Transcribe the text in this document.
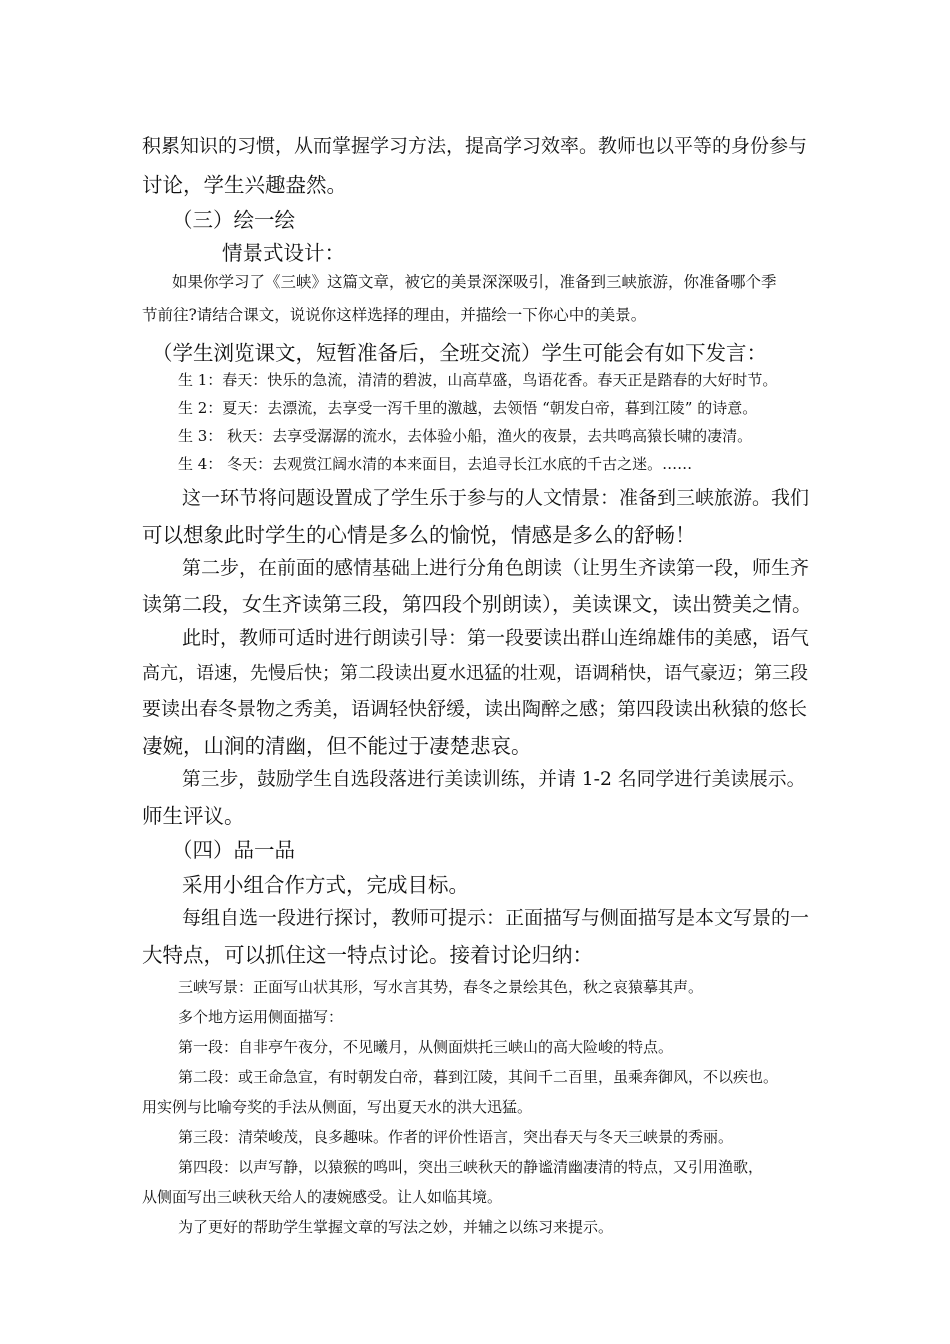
积累知识的习惯，从而掌握学习方法，提高学习效率。教师也以平等的身份参与
讨论，学生兴趣盎然。
（三）绘一绘
情景式设计：
如果你学习了《三峡》这篇文章，被它的美景深深吸引，准备到三峡旅游，你准备哪个季
节前往?请结合课文，说说你这样选择的理由，并描绘一下你心中的美景。
（学生浏览课文，短暂准备后，全班交流）学生可能会有如下发言：
生 1：春天：快乐的急流，清清的碧波，山高草盛，鸟语花香。春天正是踏春的大好时节。
生 2：夏天：去漂流，去享受一泻千里的激越，去领悟 “朝发白帝，暮到江陵” 的诗意。
生 3： 秋天：去享受潺潺的流水，去体验小船，渔火的夜景，去共鸣高猿长啸的凄清。
生 4： 冬天：去观赏江阔水清的本来面目，去追寻长江水底的千古之迷。……
这一环节将问题设置成了学生乐于参与的人文情景：准备到三峡旅游。我们
可以想象此时学生的心情是多么的愉悦，情感是多么的舒畅！
第二步，在前面的感情基础上进行分角色朗读（让男生齐读第一段，师生齐
读第二段，女生齐读第三段，第四段个别朗读），美读课文，读出赞美之情。
此时，教师可适时进行朗读引导：第一段要读出群山连绵雄伟的美感，语气
高亢，语速，先慢后快；第二段读出夏水迅猛的壮观，语调稍快，语气豪迈；第三段
要读出春冬景物之秀美，语调轻快舒缓，读出陶醉之感；第四段读出秋猿的悠长
凄婉，山涧的清幽，但不能过于凄楚悲哀。
第三步，鼓励学生自选段落进行美读训练，并请 1-2 名同学进行美读展示。
师生评议。
（四）品一品
采用小组合作方式，完成目标。
每组自选一段进行探讨，教师可提示：正面描写与侧面描写是本文写景的一
大特点，可以抓住这一特点讨论。接着讨论归纳：
三峡写景：正面写山状其形，写水言其势，春冬之景绘其色，秋之哀猿摹其声。
多个地方运用侧面描写：
第一段：自非亭午夜分，不见曦月，从侧面烘托三峡山的高大险峻的特点。
第二段：或王命急宣，有时朝发白帝，暮到江陵，其间千二百里，虽乘奔御风，不以疾也。
用实例与比喻夸奖的手法从侧面，写出夏天水的洪大迅猛。
第三段：清荣峻茂，良多趣味。作者的评价性语言，突出春天与冬天三峡景的秀丽。
第四段：以声写静，以猿猴的鸣叫，突出三峡秋天的静谧清幽凄清的特点，又引用渔歌，
从侧面写出三峡秋天给人的凄婉感受。让人如临其境。
为了更好的帮助学生掌握文章的写法之妙，并辅之以练习来提示。
